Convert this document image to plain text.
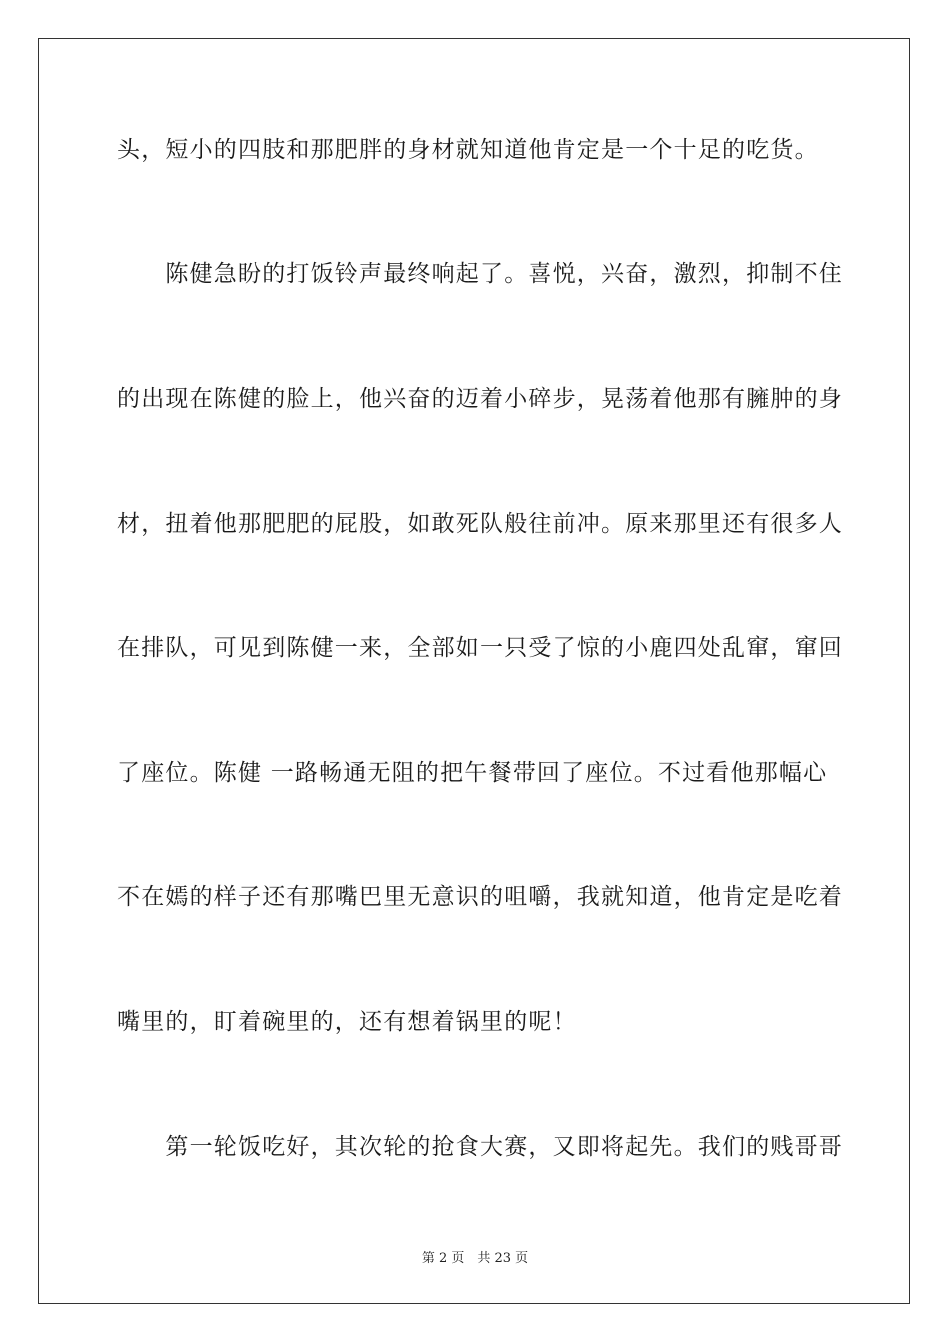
头，短小的四肢和那肥胖的身材就知道他肯定是一个十足的吃货。
　　陈健急盼的打饭铃声最终响起了。喜悦，兴奋，激烈，抑制不住
的出现在陈健的脸上，他兴奋的迈着小碎步，晃荡着他那有臃肿的身
材，扭着他那肥肥的屁股，如敢死队般往前冲。原来那里还有很多人
在排队，可见到陈健一来，全部如一只受了惊的小鹿四处乱窜，窜回
了座位。陈健 一路畅通无阻的把午餐带回了座位。不过看他那幅心
不在嫣的样子还有那嘴巴里无意识的咀嚼，我就知道，他肯定是吃着
嘴里的，盯着碗里的，还有想着锅里的呢！
　　第一轮饭吃好，其次轮的抢食大赛，又即将起先。我们的贱哥哥
第 2 页　共 23 页
